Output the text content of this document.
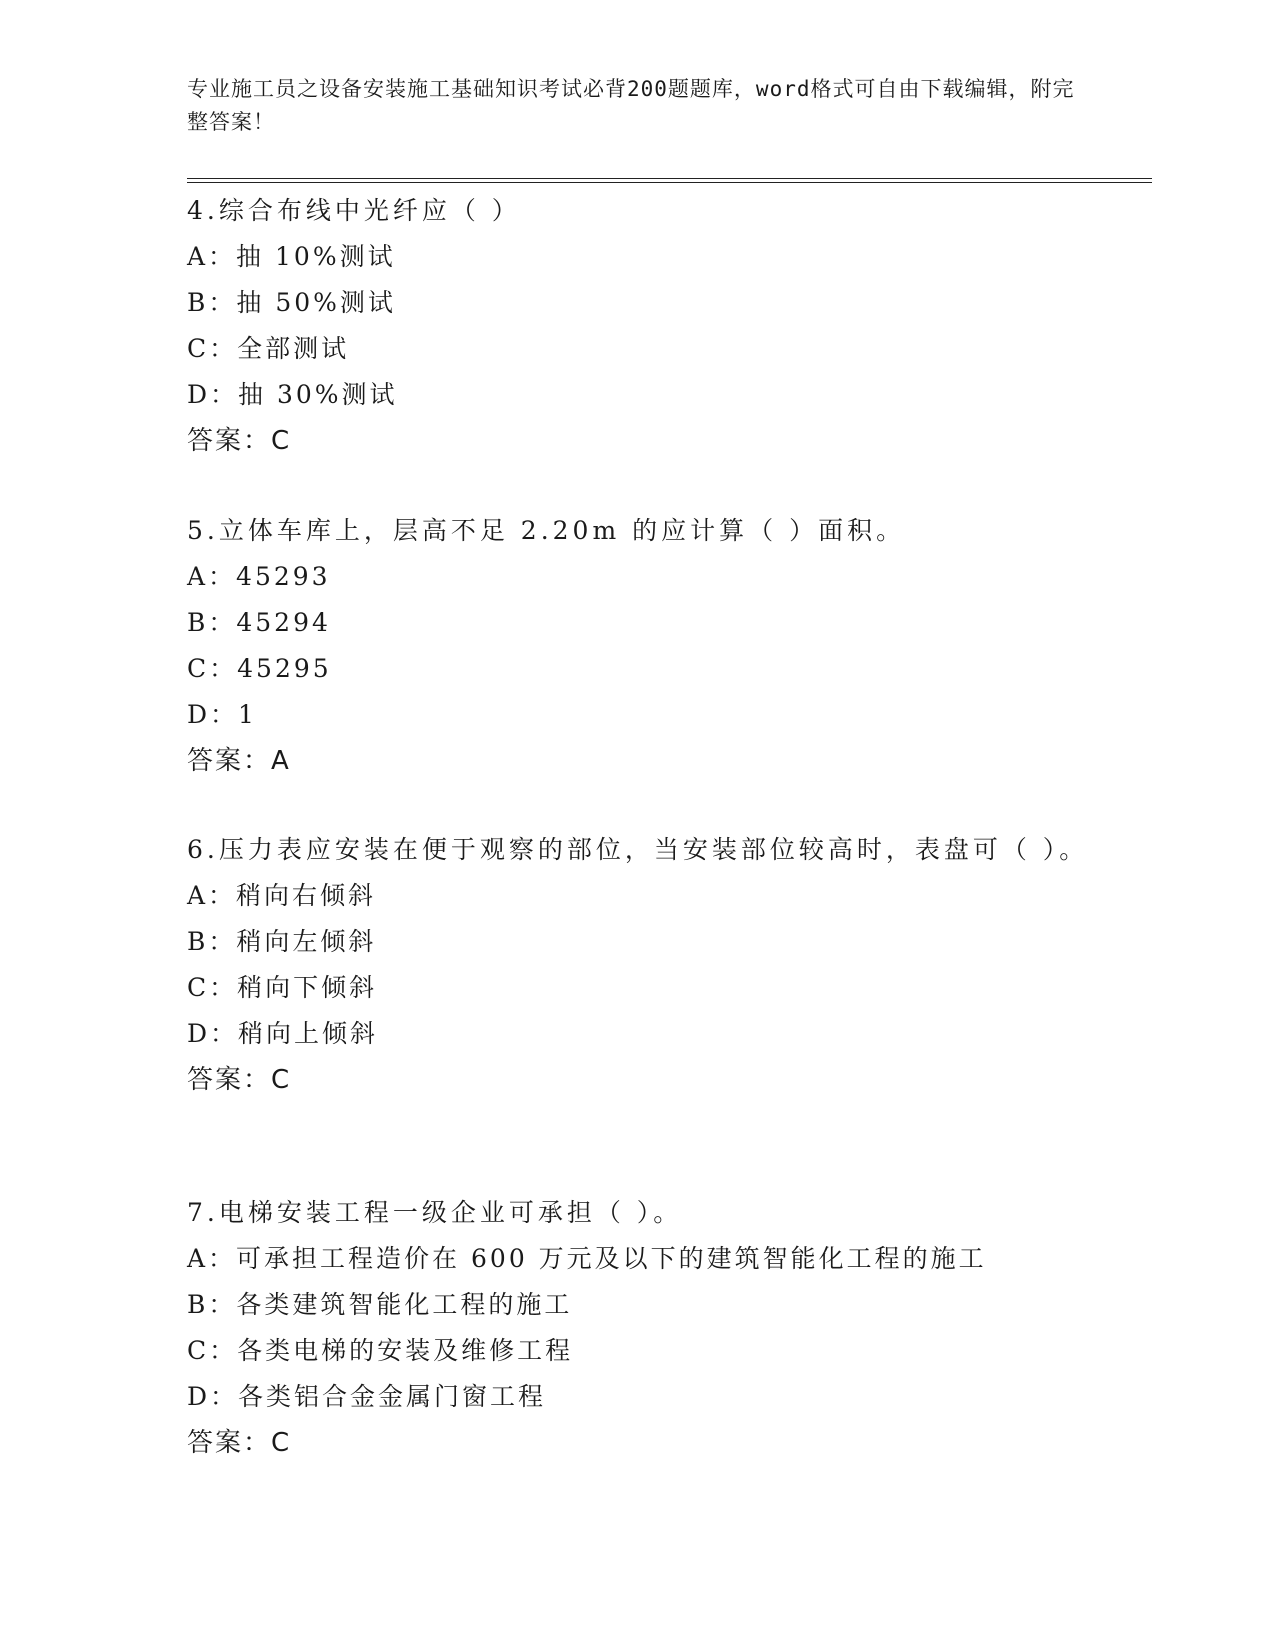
专业施工员之设备安装施工基础知识考试必背200题题库，word格式可自由下载编辑，附完整答案！
4.综合布线中光纤应（ ）
A：抽 10%测试
B：抽 50%测试
C：全部测试
D：抽 30%测试
答案：C
5.立体车库上，层高不足 2.20m 的应计算（ ）面积。
A：45293
B：45294
C：45295
D：1
答案：A
6.压力表应安装在便于观察的部位，当安装部位较高时，表盘可（ ）。
A：稍向右倾斜
B：稍向左倾斜
C：稍向下倾斜
D：稍向上倾斜
答案：C
7.电梯安装工程一级企业可承担（ ）。
A：可承担工程造价在 600 万元及以下的建筑智能化工程的施工
B：各类建筑智能化工程的施工
C：各类电梯的安装及维修工程
D：各类铝合金金属门窗工程
答案：C
